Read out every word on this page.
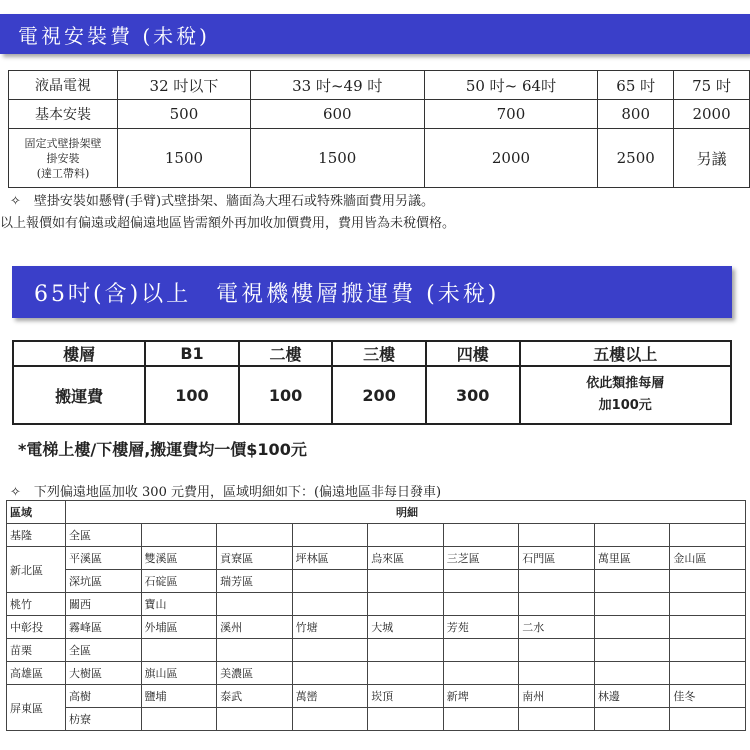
電視安裝費 (未稅)
液晶電視	32 吋以下	33 吋~49 吋	50 吋~ 64吋	65 吋	75 吋
基本安裝	500	600	700	800	2000

固定式壁掛架壁
掛安裝
(達工帶料)	1500	1500	2000	2500	另議
✧　壁掛安裝如懸臂(手臂)式壁掛架、牆面為大理石或特殊牆面費用另議。
以上報價如有偏遠或超偏遠地區皆需額外再加收加價費用，費用皆為未稅價格。
65吋(含)以上　電視機樓層搬運費 (未稅)
樓層	B1	二樓	三樓	四樓	五樓以上
搬運費	100	100	200	300	依此類推每層
加100元
*電梯上樓/下樓層,搬運費均一價$100元
✧　下列偏遠地區加收 300 元費用，區域明細如下：(偏遠地區非每日發車)
區域	明細								
基隆	全區								
新北區	平溪區	雙溪區	貢寮區	坪林區	烏來區	三芝區	石門區	萬里區	金山區
	深坑區	石碇區	瑞芳區						
桃竹	關西	寶山							
中彰投	霧峰區	外埔區	溪州	竹塘	大城	芳苑	二水		
苗栗	全區								
高雄區	大樹區	旗山區	美濃區						
屏東區	高樹	鹽埔	泰武	萬巒	崁頂	新埤	南州	林邊	佳冬
	枋寮								
